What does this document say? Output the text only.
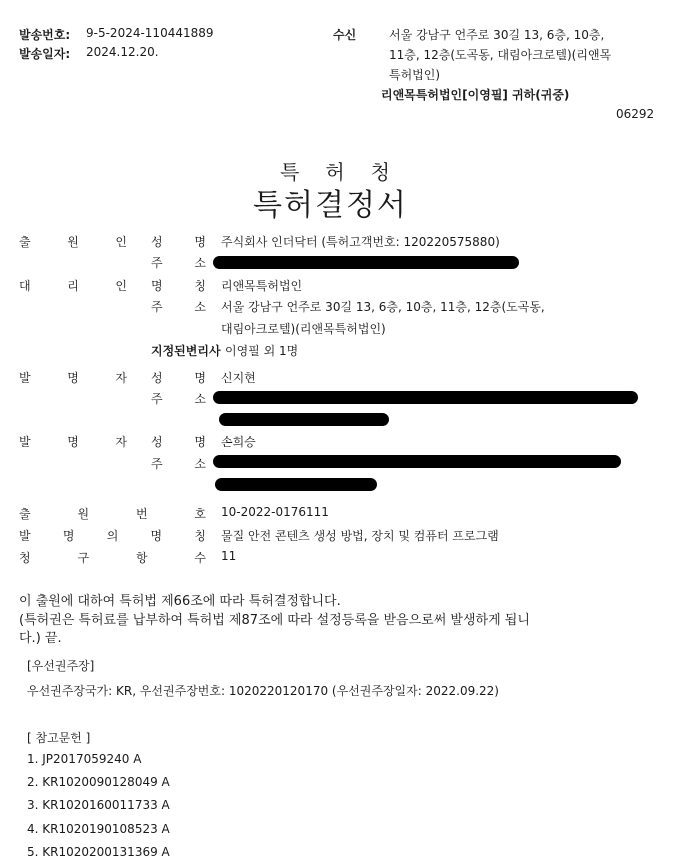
발송번호: 9-5-2024-110441889
발송일자: 2024.12.20.
수신	서울 강남구 언주로 30길 13, 6층, 10층,
11층, 12층(도곡동, 대림아크로텔)(리앤목
특허법인)
리앤목특허법인[이영필] 귀하(귀중)
06292
특허청
특허결정서
출	원	인 성	명 주식회사 인더닥터 (특허고객번호: 120220575880)
주	소
대	리	인 명	칭 리앤목특허법인
주	소 서울 강남구 언주로 30길 13, 6층, 10층, 11층, 12층(도곡동,
대림아크로텔)(리앤목특허법인)
지정된변리사 이영필 외 1명
발	명	자 성	명 신지현
주	소
발	명	자 성	명 손희승
주	소
출	원	번	호 10-2022-0176111
발	명	의	명	칭 물질 안전 콘텐츠 생성 방법, 장치 및 컴퓨터 프로그램
청	구	항	수 11
이 출원에 대하여 특허법 제66조에 따라 특허결정합니다.
(특허권은 특허료를 납부하여 특허법 제87조에 따라 설정등록을 받음으로써 발생하게 됩니
다.) 끝.
[우선권주장]
우선권주장국가: KR, 우선권주장번호: 1020220120170 (우선권주장일자: 2022.09.22)
[ 참고문헌 ]
1. JP2017059240 A
2. KR1020090128049 A
3. KR1020160011733 A
4. KR1020190108523 A
5. KR1020200131369 A
